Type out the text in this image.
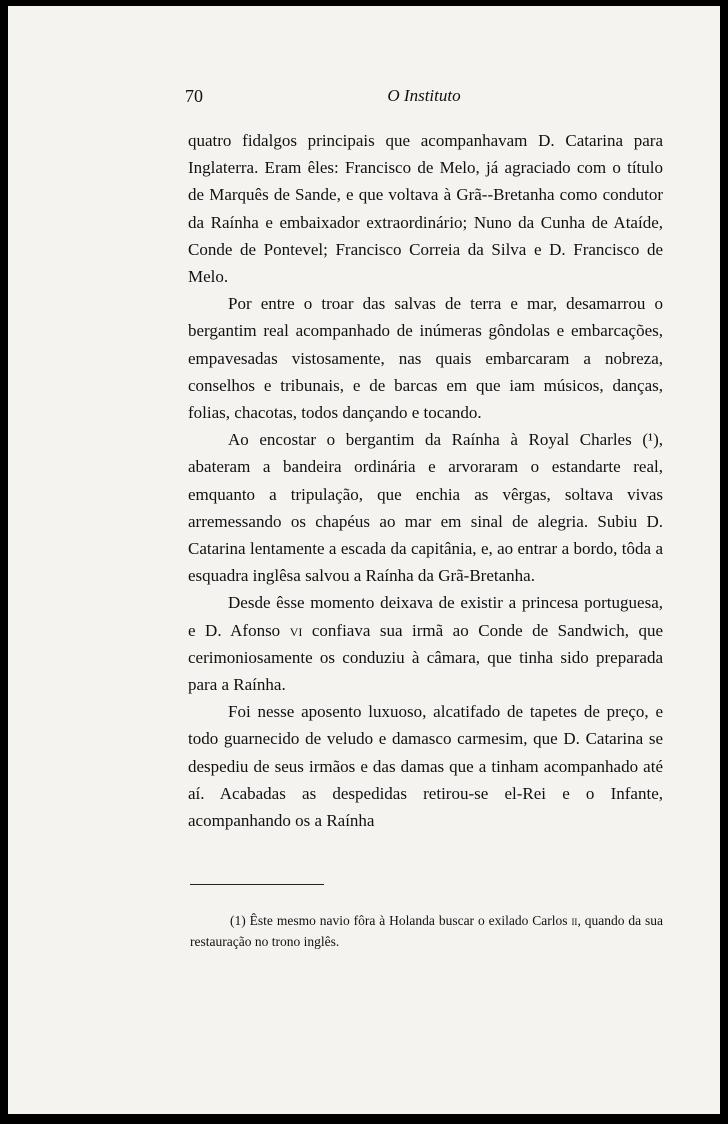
70	O Instituto

quatro fidalgos principais que acompanhavam D. Catarina para Inglaterra. Eram êles: Francisco de Melo, já agraciado com o título de Marquês de Sande, e que voltava à Grã--Bretanha como condutor da Raínha e embaixador extraordinário; Nuno da Cunha de Ataíde, Conde de Pontevel; Francisco Correia da Silva e D. Francisco de Melo.

Por entre o troar das salvas de terra e mar, desamarrou o bergantim real acompanhado de inúmeras gôndolas e embarcações, empavesadas vistosamente, nas quais embarcaram a nobreza, conselhos e tribunais, e de barcas em que iam músicos, danças, folias, chacotas, todos dançando e tocando.

Ao encostar o bergantim da Raínha à Royal Charles (¹), abateram a bandeira ordinária e arvoraram o estandarte real, emquanto a tripulação, que enchia as vêrgas, soltava vivas arremessando os chapéus ao mar em sinal de alegria. Subiu D. Catarina lentamente a escada da capitânia, e, ao entrar a bordo, tôda a esquadra inglêsa salvou a Raínha da Grã-Bretanha.

Desde êsse momento deixava de existir a princesa portuguesa, e D. Afonso vi confiava sua irmã ao Conde de Sandwich, que cerimoniosamente os conduziu à câmara, que tinha sido preparada para a Raínha.

Foi nesse aposento luxuoso, alcatifado de tapetes de preço, e todo guarnecido de veludo e damasco carmesim, que D. Catarina se despediu de seus irmãos e das damas que a tinham acompanhado até aí. Acabadas as despedidas retirou-se el-Rei e o Infante, acompanhando os a Raínha

(1) Êste mesmo navio fôra à Holanda buscar o exilado Carlos ii, quando da sua restauração no trono inglês.
